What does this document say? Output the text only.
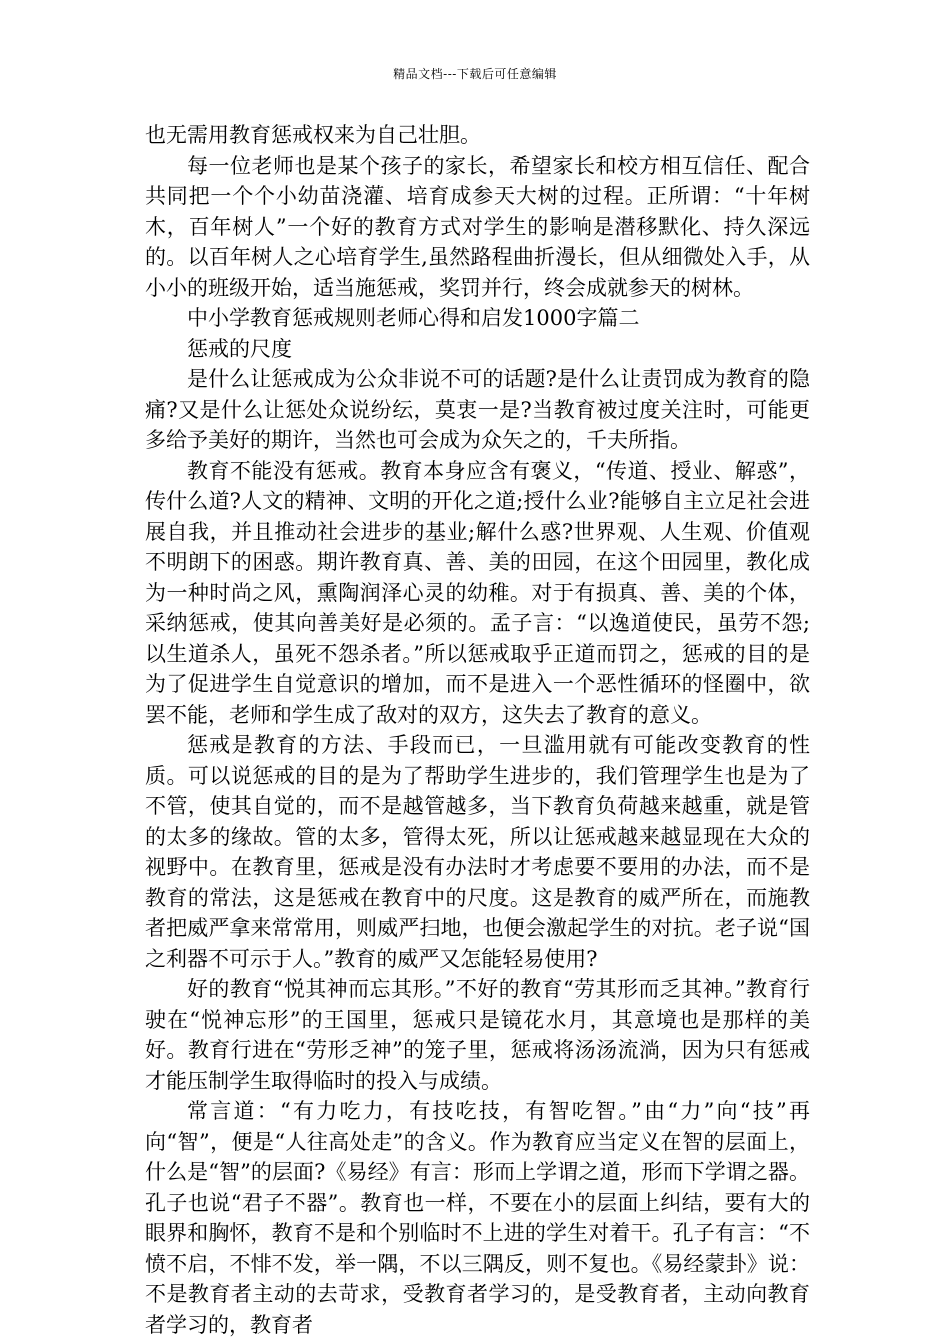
精品文档---下载后可任意编辑

也无需用教育惩戒权来为自己壮胆。

每一位老师也是某个孩子的家长，希望家长和校方相互信任、配合共同把一个个小幼苗浇灌、培育成参天大树的过程。正所谓：“十年树木，百年树人”一个好的教育方式对学生的影响是潜移默化、持久深远的。以百年树人之心培育学生,虽然路程曲折漫长，但从细微处入手，从小小的班级开始，适当施惩戒，奖罚并行，终会成就参天的树林。

中小学教育惩戒规则老师心得和启发1000字篇二

惩戒的尺度

是什么让惩戒成为公众非说不可的话题?是什么让责罚成为教育的隐痛?又是什么让惩处众说纷纭，莫衷一是?当教育被过度关注时，可能更多给予美好的期许，当然也可会成为众矢之的，千夫所指。

教育不能没有惩戒。教育本身应含有褒义，“传道、授业、解惑”，传什么道?人文的精神、文明的开化之道;授什么业?能够自主立足社会进展自我，并且推动社会进步的基业;解什么惑?世界观、人生观、价值观不明朗下的困惑。期许教育真、善、美的田园，在这个田园里，教化成为一种时尚之风，熏陶润泽心灵的幼稚。对于有损真、善、美的个体，采纳惩戒，使其向善美好是必须的。孟子言：“以逸道使民，虽劳不怨;以生道杀人，虽死不怨杀者。”所以惩戒取乎正道而罚之，惩戒的目的是为了促进学生自觉意识的增加，而不是进入一个恶性循环的怪圈中，欲罢不能，老师和学生成了敌对的双方，这失去了教育的意义。

惩戒是教育的方法、手段而已，一旦滥用就有可能改变教育的性质。可以说惩戒的目的是为了帮助学生进步的，我们管理学生也是为了不管，使其自觉的，而不是越管越多，当下教育负荷越来越重，就是管的太多的缘故。管的太多，管得太死，所以让惩戒越来越显现在大众的视野中。在教育里，惩戒是没有办法时才考虑要不要用的办法，而不是教育的常法，这是惩戒在教育中的尺度。这是教育的威严所在，而施教者把威严拿来常常用，则威严扫地，也便会激起学生的对抗。老子说“国之利器不可示于人。”教育的威严又怎能轻易使用?

好的教育“悦其神而忘其形。”不好的教育“劳其形而乏其神。”教育行驶在“悦神忘形”的王国里，惩戒只是镜花水月，其意境也是那样的美好。教育行进在“劳形乏神”的笼子里，惩戒将汤汤流淌，因为只有惩戒才能压制学生取得临时的投入与成绩。

常言道：“有力吃力，有技吃技，有智吃智。”由“力”向“技”再向“智”，便是“人往高处走”的含义。作为教育应当定义在智的层面上，什么是“智”的层面?《易经》有言：形而上学谓之道，形而下学谓之器。孔子也说“君子不器”。教育也一样，不要在小的层面上纠结，要有大的眼界和胸怀，教育不是和个别临时不上进的学生对着干。孔子有言：“不愤不启，不悱不发，举一隅，不以三隅反，则不复也。《易经蒙卦》说：不是教育者主动的去苛求，受教育者学习的，是受教育者，主动向教育者学习的，教育者
